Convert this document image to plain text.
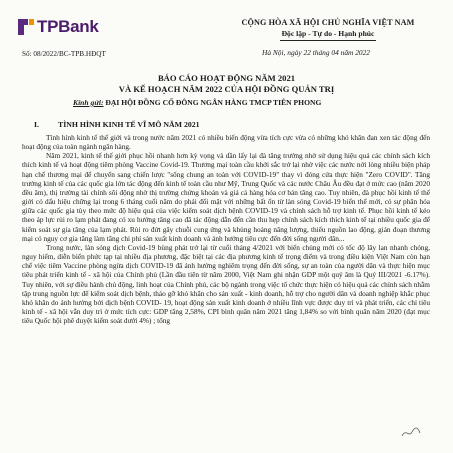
TPBank
Số: 08/2022/BC-TPB.HĐQT
CỘNG HÒA XÃ HỘI CHỦ NGHĨA VIỆT NAM
Độc lập - Tự do - Hạnh phúc
Hà Nội, ngày 22 tháng 04 năm 2022
BÁO CÁO HOẠT ĐỘNG NĂM 2021
VÀ KẾ HOẠCH NĂM 2022 CỦA HỘI ĐỒNG QUẢN TRỊ
Kính gửi: ĐẠI HỘI ĐỒNG CỔ ĐÔNG NGÂN HÀNG TMCP TIÊN PHONG
I. TÌNH HÌNH KINH TẾ VĨ MÔ NĂM 2021

Tình hình kinh tế thế giới và trong nước năm 2021 có nhiều biến động vừa tích cực vừa có những khó khăn đan xen tác động đến hoạt động của toàn ngành ngân hàng.

Năm 2021, kinh tế thế giới phục hồi nhanh hơn kỳ vọng và dần lấy lại đà tăng trưởng nhờ sử dụng hiệu quả các chính sách kích thích kinh tế và hoạt động tiêm phòng Vaccine Covid-19. Thương mại toàn cầu khởi sắc trở lại nhờ việc các nước nới lỏng nhiều biện pháp hạn chế thương mại để chuyển sang chiến lược "sống chung an toàn với COVID-19" thay vì đóng cửa thực hiện "Zero COVID". Tăng trưởng kinh tế của các quốc gia lớn tác động đến kinh tế toàn cầu như Mỹ, Trung Quốc và các nước Châu Âu đều đạt ở mức cao (năm 2020 đều âm), thị trường tài chính sôi động nhờ thị trường chứng khoán và giá cả hàng hóa cơ bản tăng cao. Tuy nhiên, đà phục hồi kinh tế thế giới có dấu hiệu chững lại trong 6 tháng cuối năm do phải đối mặt với những bất ổn từ làn sóng Covid-19 biến thể mới, có sự phân hóa giữa các quốc gia tùy theo mức độ hiệu quả của việc kiểm soát dịch bệnh COVID-19 và chính sách hỗ trợ kinh tế. Phục hồi kinh tế kéo theo áp lực rủi ro lạm phát đang có xu hướng tăng cao đã tác động dẫn đến cần thu hẹp chính sách kích thích kinh tế tại nhiều quốc gia để kiểm soát sự gia tăng của lạm phát. Rủi ro đứt gãy chuỗi cung ứng và khủng hoảng năng lượng, thiếu nguồn lao động, gián đoạn thương mại có nguy cơ gia tăng làm tăng chi phí sản xuất kinh doanh và ảnh hưởng tiêu cực đến đời sống người dân...

Trong nước, làn sóng dịch Covid-19 bùng phát trở lại từ cuối tháng 4/2021 với biến chủng mới có tốc độ lây lan nhanh chóng, nguy hiểm, diễn biến phức tạp tại nhiều địa phương, đặc biệt tại các địa phương kinh tế trọng điểm và trong điều kiện Việt Nam còn hạn chế việc tiêm Vaccine phòng ngừa dịch COVID-19 đã ảnh hưởng nghiêm trọng đến đời sống, sự an toàn của người dân và thực hiện mục tiêu phát triển kinh tế - xã hội của Chính phủ (Lần đầu tiên từ năm 2000, Việt Nam ghi nhận GDP một quý âm là Quý III/2021 -6.17%). Tuy nhiên, với sự điều hành chủ động, linh hoạt của Chính phủ, các bộ ngành trong việc tổ chức thực hiện có hiệu quả các chính sách nhằm tập trung nguồn lực để kiểm soát dịch bệnh, tháo gỡ khó khăn cho sản xuất - kinh doanh, hỗ trợ cho người dân và doanh nghiệp khắc phục khó khăn do ảnh hưởng bởi dịch bệnh COVID- 19, hoạt động sản xuất kinh doanh ở nhiều lĩnh vực được duy trì và phát triển, các chỉ tiêu kinh tế - xã hội vẫn duy trì ở mức tích cực: GDP tăng 2,58%, CPI bình quân năm 2021 tăng 1,84% so với bình quân năm 2020 (đạt mục tiêu Quốc hội phê duyệt kiểm soát dưới 4%) ; tổng
